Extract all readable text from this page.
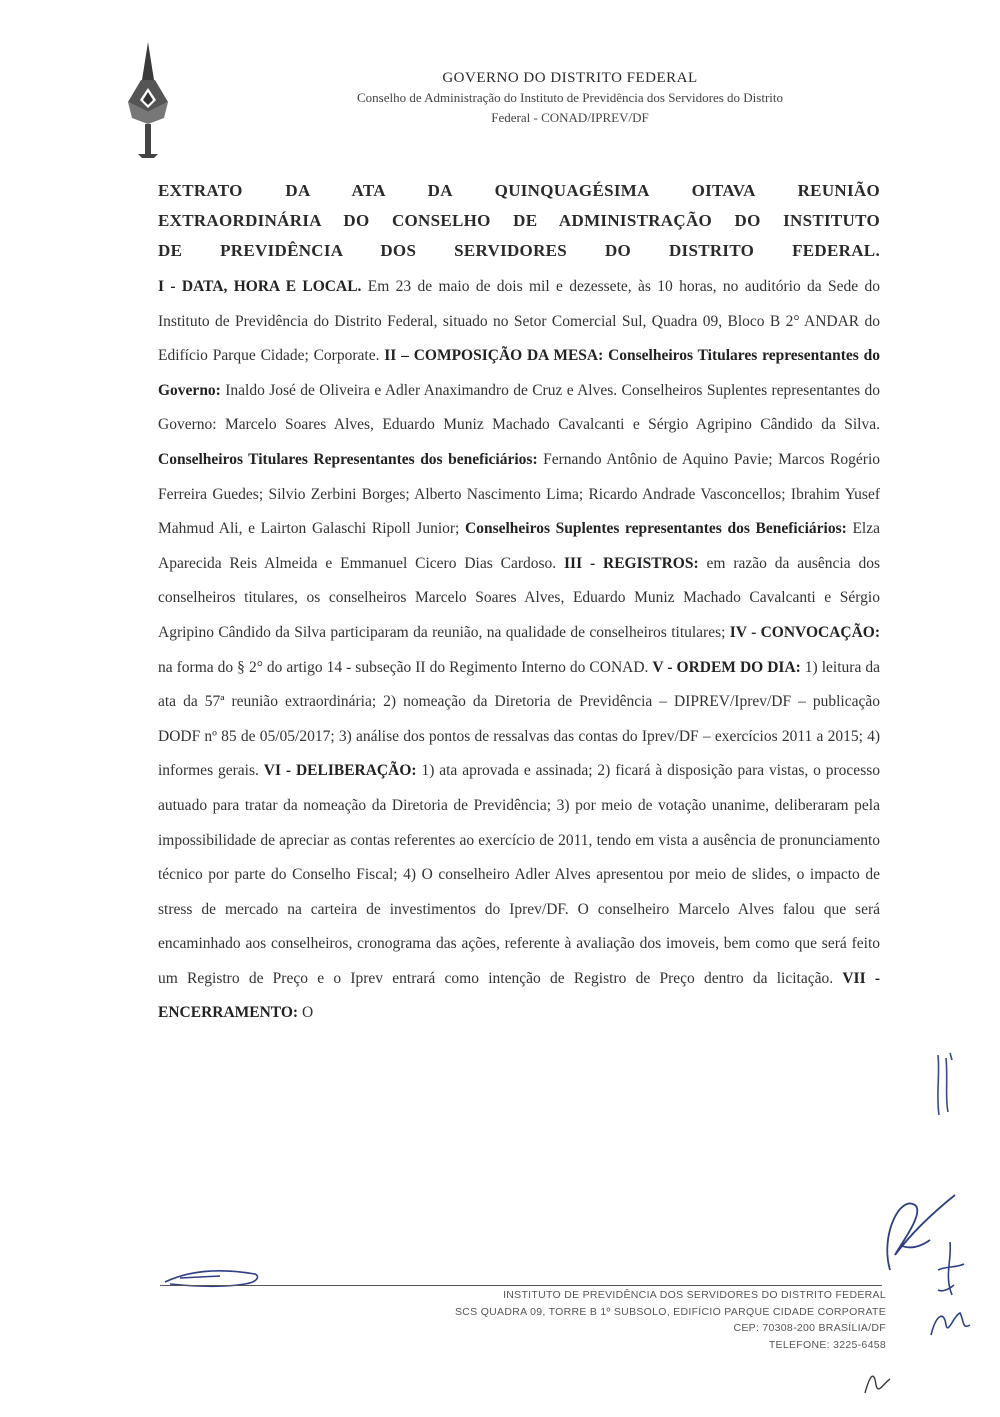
GOVERNO DO DISTRITO FEDERAL
Conselho de Administração do Instituto de Previdência dos Servidores do Distrito
Federal - CONAD/IPREV/DF
EXTRATO DA ATA DA QUINQUAGÉSIMA OITAVA REUNIÃO
EXTRAORDINÁRIA DO CONSELHO DE ADMINISTRAÇÃO DO INSTITUTO
DE PREVIDÊNCIA DOS SERVIDORES DO DISTRITO FEDERAL.
I - DATA, HORA E LOCAL. Em 23 de maio de dois mil e dezessete, às 10 horas, no auditório da Sede do Instituto de Previdência do Distrito Federal, situado no Setor Comercial Sul, Quadra 09, Bloco B 2° ANDAR do Edifício Parque Cidade; Corporate. II – COMPOSIÇÃO DA MESA: Conselheiros Titulares representantes do Governo: Inaldo José de Oliveira e Adler Anaximandro de Cruz e Alves. Conselheiros Suplentes representantes do Governo: Marcelo Soares Alves, Eduardo Muniz Machado Cavalcanti e Sérgio Agripino Cândido da Silva. Conselheiros Titulares Representantes dos beneficiários: Fernando Antônio de Aquino Pavie; Marcos Rogério Ferreira Guedes; Silvio Zerbini Borges; Alberto Nascimento Lima; Ricardo Andrade Vasconcellos; Ibrahim Yusef Mahmud Ali, e Lairton Galaschi Ripoll Junior; Conselheiros Suplentes representantes dos Beneficiários: Elza Aparecida Reis Almeida e Emmanuel Cicero Dias Cardoso. III - REGISTROS: em razão da ausência dos conselheiros titulares, os conselheiros Marcelo Soares Alves, Eduardo Muniz Machado Cavalcanti e Sérgio Agripino Cândido da Silva participaram da reunião, na qualidade de conselheiros titulares; IV - CONVOCAÇÃO: na forma do § 2° do artigo 14 - subseção II do Regimento Interno do CONAD. V - ORDEM DO DIA: 1) leitura da ata da 57ª reunião extraordinária; 2) nomeação da Diretoria de Previdência – DIPREV/Iprev/DF – publicação DODF nº 85 de 05/05/2017; 3) análise dos pontos de ressalvas das contas do Iprev/DF – exercícios 2011 a 2015; 4) informes gerais. VI - DELIBERAÇÃO: 1) ata aprovada e assinada; 2) ficará à disposição para vistas, o processo autuado para tratar da nomeação da Diretoria de Previdência; 3) por meio de votação unanime, deliberaram pela impossibilidade de apreciar as contas referentes ao exercício de 2011, tendo em vista a ausência de pronunciamento técnico por parte do Conselho Fiscal; 4) O conselheiro Adler Alves apresentou por meio de slides, o impacto de stress de mercado na carteira de investimentos do Iprev/DF. O conselheiro Marcelo Alves falou que será encaminhado aos conselheiros, cronograma das ações, referente à avaliação dos imoveis, bem como que será feito um Registro de Preço e o Iprev entrará como intenção de Registro de Preço dentro da licitação. VII - ENCERRAMENTO: O
INSTITUTO DE PREVIDÊNCIA DOS SERVIDORES DO DISTRITO FEDERAL
SCS QUADRA 09, TORRE B 1º SUBSOLO, EDIFÍCIO PARQUE CIDADE CORPORATE
CEP: 70308-200 BRASÍLIA/DF
TELEFONE: 3225-6458
